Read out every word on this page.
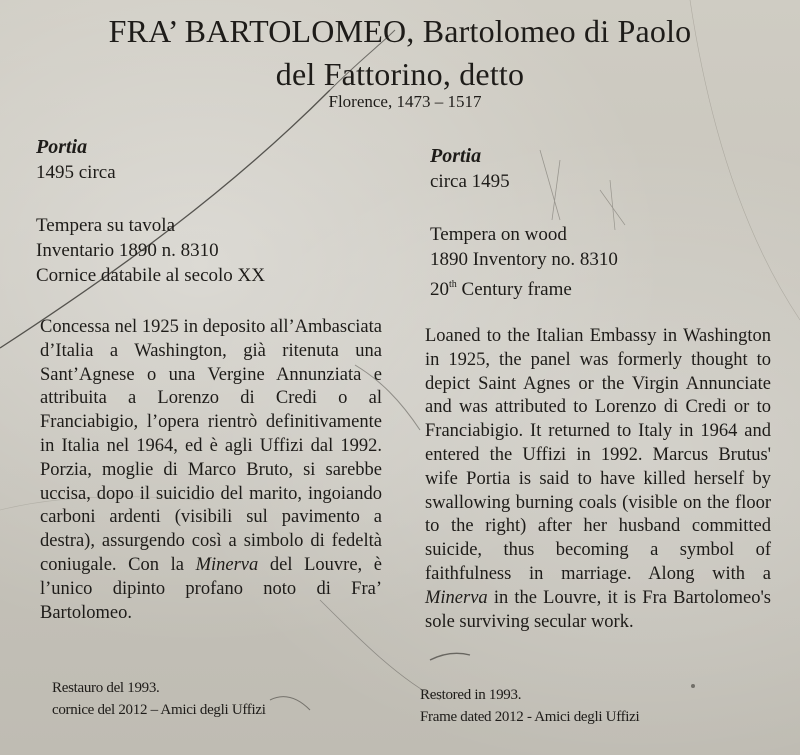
FRA’ BARTOLOMEO, Bartolomeo di Paolo
del Fattorino, detto
Florence, 1473 – 1517
Portia
1495 circa
Tempera su tavola
Inventario 1890 n. 8310
Cornice databile al secolo XX
Concessa nel 1925 in deposito all’Ambasciata d’Italia a Washington, già ritenuta una Sant’Agnese o una Vergine Annunziata e attribuita a Lorenzo di Credi o al Franciabigio, l’opera rientrò definitivamente in Italia nel 1964, ed è agli Uffizi dal 1992. Porzia, moglie di Marco Bruto, si sarebbe uccisa, dopo il suicidio del marito, ingoiando carboni ardenti (visibili sul pavimento a destra), assurgendo così a simbolo di fedeltà coniugale. Con la Minerva del Louvre, è l’unico dipinto profano noto di Fra’ Bartolomeo.
Restauro del 1993.
cornice del 2012 – Amici degli Uffizi
Portia
circa 1495
Tempera on wood
1890 Inventory no. 8310
20th Century frame
Loaned to the Italian Embassy in Washington in 1925, the panel was formerly thought to depict Saint Agnes or the Virgin Annunciate and was attributed to Lorenzo di Credi or to Franciabigio. It returned to Italy in 1964 and entered the Uffizi in 1992. Marcus Brutus' wife Portia is said to have killed herself by swallowing burning coals (visible on the floor to the right) after her husband committed suicide, thus becoming a symbol of faithfulness in marriage. Along with a Minerva in the Louvre, it is Fra Bartolomeo's sole surviving secular work.
Restored in 1993.
Frame dated 2012 - Amici degli Uffizi
